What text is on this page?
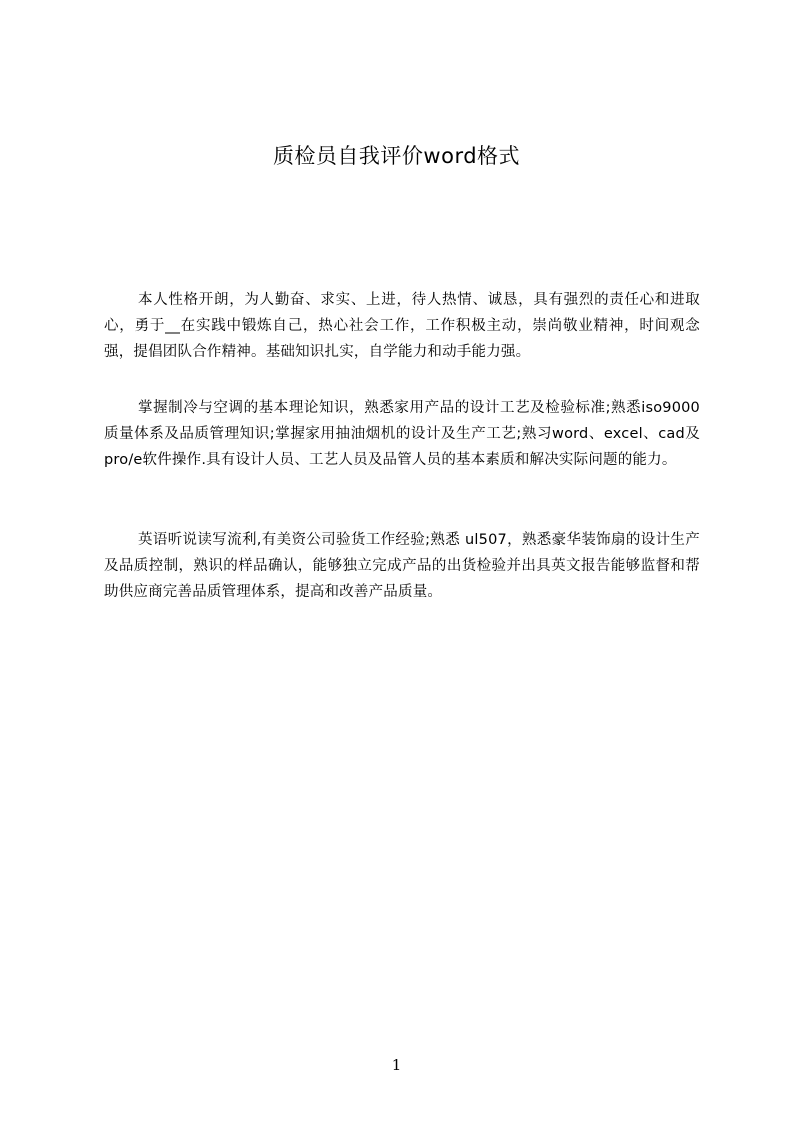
质检员自我评价word格式

本人性格开朗，为人勤奋、求实、上进，待人热情、诚恳，具有强烈的责任心和进取心，勇于__在实践中锻炼自己，热心社会工作，工作积极主动，崇尚敬业精神，时间观念强，提倡团队合作精神。基础知识扎实，自学能力和动手能力强。

掌握制冷与空调的基本理论知识，熟悉家用产品的设计工艺及检验标准;熟悉iso9000质量体系及品质管理知识;掌握家用抽油烟机的设计及生产工艺;熟习word、excel、cad及pro/e软件操作.具有设计人员、工艺人员及品管人员的基本素质和解决实际问题的能力。

英语听说读写流利,有美资公司验货工作经验;熟悉 ul507，熟悉豪华装饰扇的设计生产及品质控制，熟识的样品确认，能够独立完成产品的出货检验并出具英文报告能够监督和帮助供应商完善品质管理体系，提高和改善产品质量。

1
